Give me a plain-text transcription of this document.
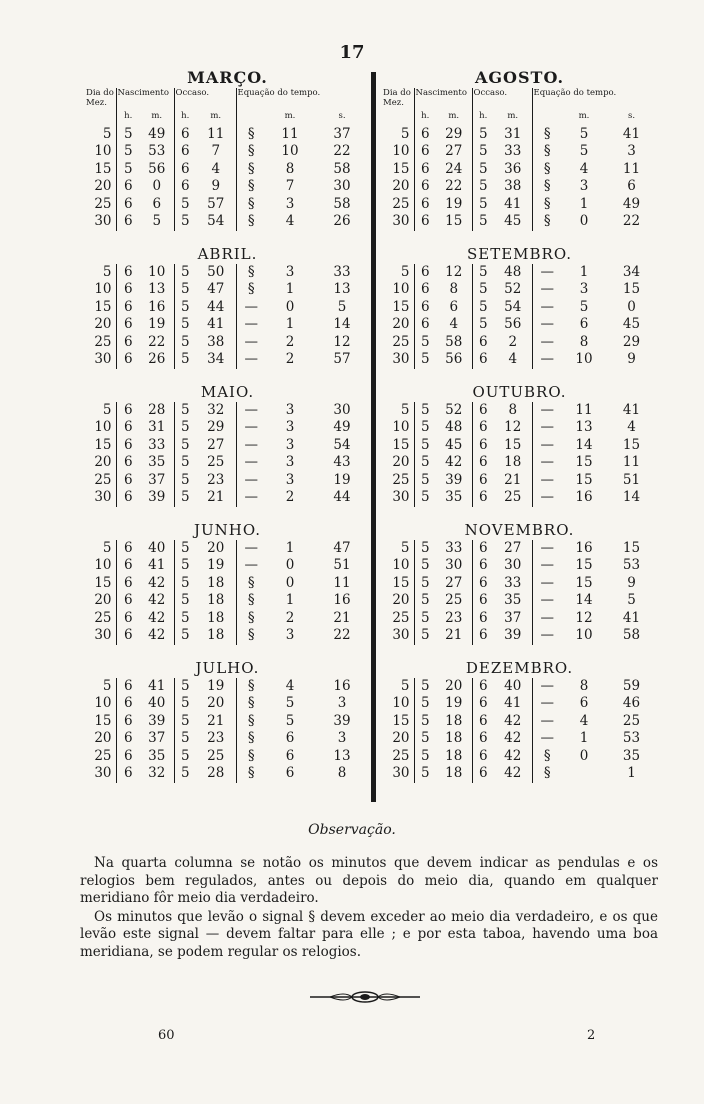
17
MARÇO.
Dia do Mez.	Nascimento		Occaso.		Equação do tempo.		
	h.	m.	h.	m.		m.	s.
5	5	49	6	11	§	11	37
10	5	53	6	7	§	10	22
15	5	56	6	4	§	8	58
20	6	0	6	9	§	7	30
25	6	6	5	57	§	3	58
30	6	5	5	54	§	4	26
ABRIL.
5	6	10	5	50	§	3	33
10	6	13	5	47	§	1	13
15	6	16	5	44	—	0	5
20	6	19	5	41	—	1	14
25	6	22	5	38	—	2	12
30	6	26	5	34	—	2	57
MAIO.
5	6	28	5	32	—	3	30
10	6	31	5	29	—	3	49
15	6	33	5	27	—	3	54
20	6	35	5	25	—	3	43
25	6	37	5	23	—	3	19
30	6	39	5	21	—	2	44
JUNHO.
5	6	40	5	20	—	1	47
10	6	41	5	19	—	0	51
15	6	42	5	18	§	0	11
20	6	42	5	18	§	1	16
25	6	42	5	18	§	2	21
30	6	42	5	18	§	3	22
JULHO.
5	6	41	5	19	§	4	16
10	6	40	5	20	§	5	3
15	6	39	5	21	§	5	39
20	6	37	5	23	§	6	3
25	6	35	5	25	§	6	13
30	6	32	5	28	§	6	8
AGOSTO.
Dia do Mez.	Nascimento		Occaso.		Equação do tempo.		
	h.	m.	h.	m.		m.	s.
5	6	29	5	31	§	5	41
10	6	27	5	33	§	5	3
15	6	24	5	36	§	4	11
20	6	22	5	38	§	3	6
25	6	19	5	41	§	1	49
30	6	15	5	45	§	0	22
SETEMBRO.
5	6	12	5	48	—	1	34
10	6	8	5	52	—	3	15
15	6	6	5	54	—	5	0
20	6	4	5	56	—	6	45
25	5	58	6	2	—	8	29
30	5	56	6	4	—	10	9
OUTUBRO.
5	5	52	6	8	—	11	41
10	5	48	6	12	—	13	4
15	5	45	6	15	—	14	15
20	5	42	6	18	—	15	11
25	5	39	6	21	—	15	51
30	5	35	6	25	—	16	14
NOVEMBRO.
5	5	33	6	27	—	16	15
10	5	30	6	30	—	15	53
15	5	27	6	33	—	15	9
20	5	25	6	35	—	14	5
25	5	23	6	37	—	12	41
30	5	21	6	39	—	10	58
DEZEMBRO.
5	5	20	6	40	—	8	59
10	5	19	6	41	—	6	46
15	5	18	6	42	—	4	25
20	5	18	6	42	—	1	53
25	5	18	6	42	§	0	35
30	5	18	6	42	§		1
Observação.

Na quarta columna se notão os minutos que devem indicar as pendulas e os relogios bem regulados, antes ou depois do meio dia, quando em qualquer meridiano fôr meio dia verdadeiro.

Os minutos que levão o signal § devem exceder ao meio dia verdadeiro, e os que levão este signal — devem faltar para elle ; e por esta taboa, havendo uma boa meridiana, se podem regular os relogios.

60	2
